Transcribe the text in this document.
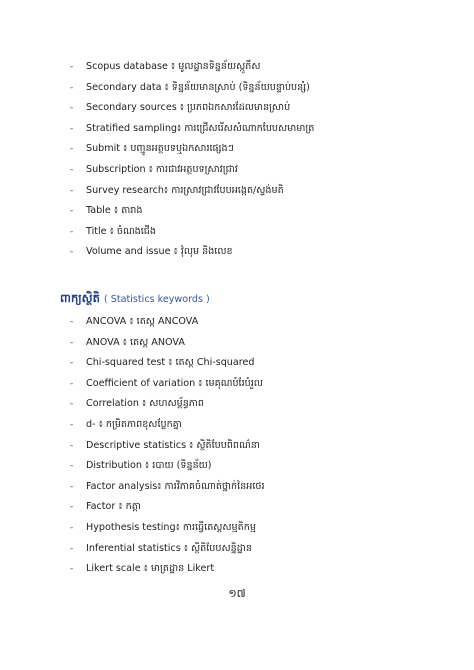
- Scopus database ៖ មូលដ្ឋានទិន្នន័យស្កូភឹស
- Secondary data ៖ ទិន្នន័យមានស្រាប់ (ទិន្នន័យបន្ទាប់បន្សំ)
- Secondary sources ៖ ប្រភពឯកសារដែលមានស្រាប់
- Stratified sampling៖ ការជ្រើសរើសសំណាកបែបសមាមាត្រ
- Submit ៖ បញ្ជូនអត្ថបទឬឯកសារផ្សេងៗ
- Subscription ៖ ការជាវអត្ថបទស្រាវជ្រាវ
- Survey research៖ ការស្រាវជ្រាវបែបអង្កេត/ស្ទង់មតិ
- Table ៖ តារាង
- Title ៖ ចំណងជើង
- Volume and issue ៖ វ៉ុលុម និងលេខ
ពាក្យស្ថិតិ ( Statistics keywords )
- ANCOVA ៖ តេស្ត ANCOVA
- ANOVA ៖ តេស្ត ANOVA
- Chi-squared test ៖ តេស្ត Chi-squared
- Coefficient of variation ៖ មេគុណបំរែបំរួល
- Correlation ៖ សហសម្ព័ន្ធភាព
- d- ៖ កម្រិតភាពខុសប្លែកគ្នា
- Descriptive statistics ៖ ស្ថិតិបែបពិពណ៌នា
- Distribution ៖ របាយ (ទិន្នន័យ)
- Factor analysis៖ ការវិភាគចំណាត់ថ្នាក់នៃអថេរ
- Factor ៖ កត្តា
- Hypothesis testing៖ ការធ្វើតេស្តសម្មតិកម្ម
- Inferential statistics ៖ ស្ថិតិបែបសន្និដ្ឋាន
- Likert scale ៖ មាត្រដ្ឋាន Likert
១៧
